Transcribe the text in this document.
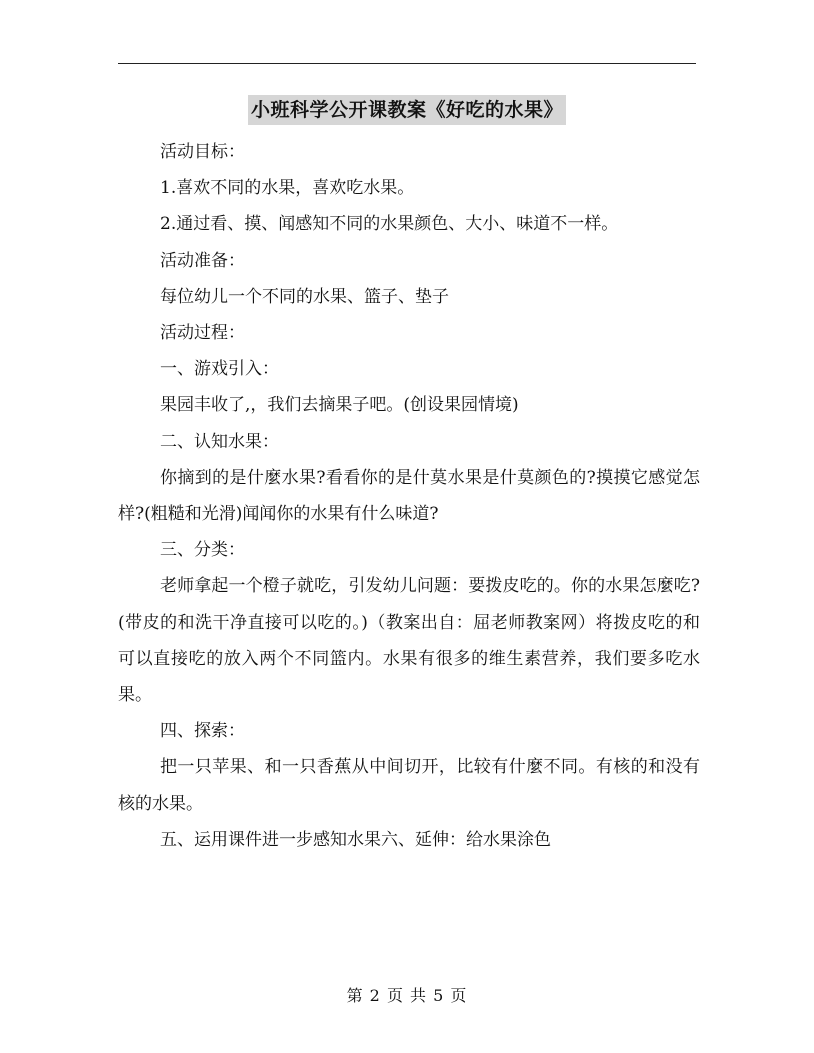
小班科学公开课教案《好吃的水果》

活动目标：

1.喜欢不同的水果，喜欢吃水果。

2.通过看、摸、闻感知不同的水果颜色、大小、味道不一样。

活动准备：

每位幼儿一个不同的水果、篮子、垫子

活动过程：

一、游戏引入：

果园丰收了,，我们去摘果子吧。(创设果园情境)

二、认知水果：

你摘到的是什麼水果?看看你的是什莫水果是什莫颜色的?摸摸它感觉怎样?(粗糙和光滑)闻闻你的水果有什么味道?

三、分类：

老师拿起一个橙子就吃，引发幼儿问题：要拨皮吃的。你的水果怎麼吃?(带皮的和洗干净直接可以吃的。)（教案出自：屈老师教案网）将拨皮吃的和可以直接吃的放入两个不同篮内。水果有很多的维生素营养，我们要多吃水果。

四、探索：

把一只苹果、和一只香蕉从中间切开，比较有什麼不同。有核的和没有核的水果。

五、运用课件进一步感知水果六、延伸：给水果涂色

第 2 页 共 5 页
